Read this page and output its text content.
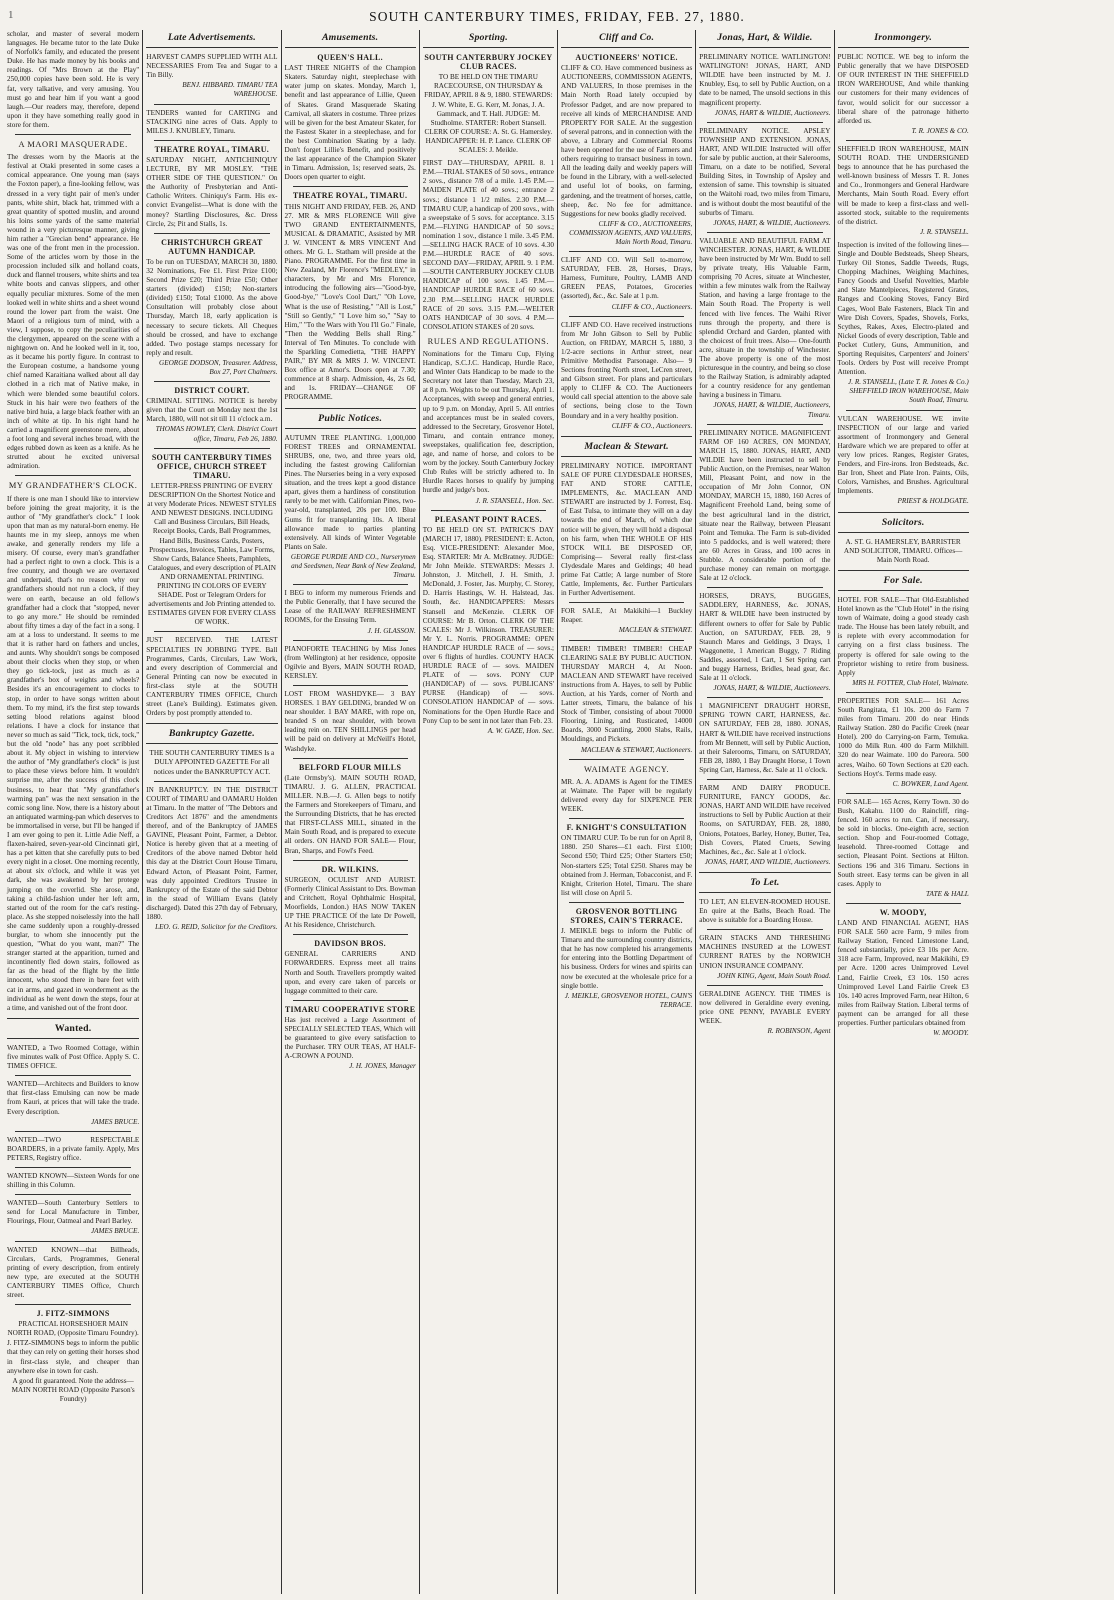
SOUTH CANTERBURY TIMES, FRIDAY, FEB. 27, 1880.
1

scholar, and master of several modern languages. He became tutor to the late Duke of Norfolk's family, and educated the present Duke. He has made money by his books and readings. Of "Mrs Brown at the Play" 250,000 copies have been sold. He is very fat, very talkative, and very amusing. You must go and hear him if you want a good laugh.—Our readers may, therefore, depend upon it they have something really good in store for them.

A MAORI MASQUERADE.

The dresses worn by the Maoris at the festival at Otaki presented in some cases a comical appearance. One young man (says the Foxton paper), a fine-looking fellow, was dressed in a very tight pair of men's under pants, white shirt, black hat, trimmed with a great quantity of spotted muslin, and around his loins some yards of the same material wound in a very picturesque manner, giving him rather a "Grecian bend" appearance. He was one of the front men in the procession. Some of the articles worn by those in the procession included silk and holland coats, duck and flannel trousers, white shirts and tea white boots and canvas slippers, and other equally peculiar mixtures. Some of the men looked well in white shirts and a sheet wound round the lower part from the waist. One Maori of a religious turn of mind, with a view, I suppose, to copy the peculiarities of the clergymen, appeared on the scene with a nightgown on. And he looked well in it, too, as it became his portly figure. In contrast to the European costume, a handsome young chief named Karaitiana walked about all day clothed in a rich mat of Native make, in which were blended some beautiful colors. Stuck in his hair were two feathers of the native bird huia, a large black feather with an inch of white at tip. In his right hand he carried a magnificent greenstone mere, about a foot long and several inches broad, with the edges rubbed down as keen as a knife. As he strutted about he excited universal admiration.

MY GRANDFATHER'S CLOCK.

If there is one man I should like to interview before joining the great majority, it is the author of "My grandfather's clock." I look upon that man as my natural-born enemy. He haunts me in my sleep, annoys me when awake, and generally renders my life a misery. Of course, every man's grandfather had a perfect right to own a clock. This is a free country, and though we are overtaxed and underpaid, that's no reason why our grandfathers should not run a clock, if they were on earth, because an old fellow's grandfather had a clock that "stopped, never to go any more." He should be reminded about fifty times a day of the fact in a song. I am at a loss to understand. It seems to me that it is rather hard on fathers and uncles, and aunts. Why shouldn't songs be composed about their clocks when they stop, or when they go tick-tock, just as much as a grandfather's box of weights and wheels? Besides it's an encouragement to clocks to stop, in order to have songs written about them. To my mind, it's the first step towards setting blood relations against blood relations. I have a clock for instance that never so much as said "Tick, tock, tick, tock," but the old "node" has any poet scribbled about it. My object in wishing to interview the author of "My grandfather's clock" is just to place these views before him. It wouldn't surprise me, after the success of this clock business, to hear that "My grandfather's warming pan" was the next sensation in the comic song line. Now, there is a history about an antiquated warming-pan which deserves to be immortalised in verse, but I'll be hanged if I am ever going to pen it. Little Adie Neff, a flaxen-haired, seven-year-old Cincinnati girl, has a pet kitten that she carefully puts to bed every night in a closet. One morning recently, at about six o'clock, and while it was yet dark, she was awakened by her protege jumping on the coverlid. She arose, and, taking a child-fashion under her left arm, started out of the room for the cat's resting-place. As she stepped noiselessly into the hall she came suddenly upon a roughly-dressed burglar, to whom she innocently put the question, "What do you want, man?" The stranger started at the apparition, turned and incontinently fled down stairs, followed as far as the head of the flight by the little innocent, who stood there in bare feet with cat in arms, and gazed in wonderment as the individual as he went down the steps, four at a time, and vanished out of the front door.

Wanted.

WANTED, a Two Roomed Cottage, within five minutes walk of Post Office. Apply S. C. TIMES OFFICE.

WANTED—Architects and Builders to know that first-class Emulsing can now be made from Kauri, at prices that will take the trade. Every description.

JAMES BRUCE.

WANTED—TWO RESPECTABLE BOARDERS, in a private family. Apply, Mrs PETERS, Registry office.

WANTED KNOWN—Sixteen Words for one shilling in this Column.

WANTED—South Canterbury Settlers to send for Local Manufacture in Timber, Flourings, Flour, Oatmeal and Pearl Barley.

JAMES BRUCE.

WANTED KNOWN—that Billheads, Circulars, Cards, Programmes, General printing of every description, from entirely new type, are executed at the SOUTH CANTERBURY TIMES Office, Church street.

J. FITZ-SIMMONS

PRACTICAL HORSESHOER MAIN NORTH ROAD, (Opposite Timaru Foundry).

J. FITZ-SIMMONS begs to inform the public that they can rely on getting their horses shod in first-class style, and cheaper than anywhere else in town for cash.

A good fit guaranteed. Note the address— MAIN NORTH ROAD (Opposite Parson's Foundry)

Late Advertisements.

HARVEST CAMPS SUPPLIED WITH ALL NECESSARIES From Tea and Sugar to a Tin Billy.

BENJ. HIBBARD. TIMARU TEA WAREHOUSE.

TENDERS wanted for CARTING and STACKING nine acres of Oats. Apply to MILES J. KNUBLEY, Timaru.

THEATRE ROYAL, TIMARU.

SATURDAY NIGHT, ANTICHINIQUY LECTURE, BY MR MOSLEY. "THE OTHER SIDE OF THE QUESTION." On the Authority of Presbyterian and Anti-Catholic Writers. Chiniquy's Farm. His ex-convict Evangelist—What is done with the money? Startling Disclosures, &c. Dress Circle, 2s; Pit and Stalls, 1s.

CHRISTCHURCH GREAT AUTUMN HANDICAP.

To be run on TUESDAY, MARCH 30, 1880. 32 Nominations, Fee £1. First Prize £100; Second Prize £20; Third Prize £50; Other starters (divided) £150; Non-starters (divided) £150; Total £1000. As the above Consultation will probably close about Thursday, March 18, early application is necessary to secure tickets. All Cheques should be crossed, and have to exchange added. Two postage stamps necessary for reply and result.

GEORGE DODSON, Treasurer. Address, Box 27, Port Chalmers.
DISTRICT COURT.

CRIMINAL SITTING. NOTICE is hereby given that the Court on Monday next the 1st March, 1880, will not sit till 11 o'clock a.m.

THOMAS HOWLEY, Clerk. District Court office, Timaru, Feb 26, 1880.
SOUTH CANTERBURY TIMES OFFICE, CHURCH STREET TIMARU.

LETTER-PRESS PRINTING OF EVERY DESCRIPTION On the Shortest Notice and at very Moderate Prices. NEWEST STYLES AND NEWEST DESIGNS. INCLUDING Call and Business Circulars, Bill Heads, Receipt Books, Cards, Ball Programmes, Hand Bills, Business Cards, Posters, Prospectuses, Invoices, Tables, Law Forms, Show Cards, Balance Sheets, Pamphlets, Catalogues, and every description of PLAIN AND ORNAMENTAL PRINTING. PRINTING IN COLORS OF EVERY SHADE. Post or Telegram Orders for advertisements and Job Printing attended to. ESTIMATES GIVEN FOR EVERY CLASS OF WORK.

JUST RECEIVED. THE LATEST SPECIALTIES IN JOBBING TYPE. Ball Programmes, Cards, Circulars, Law Work, and every description of Commercial and General Printing can now be executed in first-class style at the SOUTH CANTERBURY TIMES OFFICE, Church street (Lane's Building). Estimates given. Orders by post promptly attended to.

Bankruptcy Gazette.

THE SOUTH CANTERBURY TIMES Is a DULY APPOINTED GAZETTE For all notices under the BANKRUPTCY ACT.

IN BANKRUPTCY. IN THE DISTRICT COURT of TIMARU and OAMARU Holden at Timaru. In the matter of "The Debtors and Creditors Act 1876" and the amendments thereof, and of the Bankruptcy of JAMES GAVINE, Pleasant Point, Farmer, a Debtor. Notice is hereby given that at a meeting of Creditors of the above named Debtor held this day at the District Court House Timaru, Edward Acton, of Pleasant Point, Farmer, was duly appointed Creditors Trustee in Bankruptcy of the Estate of the said Debtor in the stead of William Evans (lately discharged). Dated this 27th day of February, 1880.

LEO. G. REID, Solicitor for the Creditors.
Amusements.
QUEEN'S HALL.

LAST THREE NIGHTS of the Champion Skaters. Saturday night, steeplechase with water jump on skates. Monday, March 1, benefit and last appearance of Lillie, Queen of Skates. Grand Masquerade Skating Carnival, all skaters in costume. Three prizes will be given for the best Amateur Skater, for the Fastest Skater in a steeplechase, and for the best Combination Skating by a lady. Don't forget Lillie's Benefit, and positively the last appearance of the Champion Skater in Timaru. Admission, 1s; reserved seats, 2s. Doors open quarter to eight.

THEATRE ROYAL, TIMARU.

THIS NIGHT AND FRIDAY, FEB. 26, AND 27. MR & MRS FLORENCE Will give TWO GRAND ENTERTAINMENTS, MUSICAL & DRAMATIC, Assisted by MR J. W. VINCENT & MRS VINCENT And others. Mr G. L. Statham will preside at the Piano. PROGRAMME. For the first time in New Zealand, Mr Florence's "MEDLEY," in characters, by Mr and Mrs Florence, introducing the following airs—"Good-bye, Good-bye," "Love's Cool Dart," "Oh Love, What is the use of Resisting," "All is Lost," "Still so Gently," "I Love him so," "Say to Him," "To the Wars with You I'll Go." Finale, "Then the Wedding Bells shall Ring." Interval of Ten Minutes. To conclude with the Sparkling Comedietta, "THE HAPPY PAIR," BY MR & MRS J. W. VINCENT. Box office at Amor's. Doors open at 7.30; commence at 8 sharp. Admission, 4s, 2s 6d, and 1s. FRIDAY—CHANGE OF PROGRAMME.

Public Notices.

AUTUMN TREE PLANTING. 1,000,000 FOREST TREES and ORNAMENTAL SHRUBS, one, two, and three years old, including the fastest growing Californian Pines. The Nurseries being in a very exposed situation, and the trees kept a good distance apart, gives them a hardiness of constitution rarely to be met with. Californian Pines, two-year-old, transplanted, 20s per 100. Blue Gums fit for transplanting 10s. A liberal allowance made to parties planting extensively. All kinds of Winter Vegetable Plants on Sale.

GEORGE PURDIE AND CO., Nurserymen and Seedsmen, Near Bank of New Zealand, Timaru.

I BEG to inform my numerous Friends and the Public Generally, that I have secured the Lease of the RAILWAY REFRESHMENT ROOMS, for the Ensuing Term.

J. H. GLASSON.

PIANOFORTE TEACHING by Miss Jones (from Wellington) at her residence, opposite Ogilvie and Byers, MAIN SOUTH ROAD, KERSLEY.

LOST FROM WASHDYKE— 3 BAY HORSES. 1 BAY GELDING, branded W on near shoulder. 1 BAY MARE, with rope on, branded S on near shoulder, with brown leading rein on. TEN SHILLINGS per head will be paid on delivery at McNeill's Hotel, Washdyke.

BELFORD FLOUR MILLS

(Late Ormsby's). MAIN SOUTH ROAD, TIMARU. J. G. ALLEN, PRACTICAL MILLER. N.B.—J. G. Allen begs to notify the Farmers and Storekeepers of Timaru, and the Surrounding Districts, that he has erected that FIRST-CLASS MILL, situated in the Main South Road, and is prepared to execute all orders. ON HAND FOR SALE— Flour, Bran, Sharps, and Fowl's Feed.

DR. WILKINS.

SURGEON, OCULIST AND AURIST. (Formerly Clinical Assistant to Drs. Bowman and Critchett, Royal Ophthalmic Hospital, Moorfields, London.) HAS NOW TAKEN UP THE PRACTICE Of the late Dr Powell, At his Residence, Christchurch.

DAVIDSON BROS.

GENERAL CARRIERS AND FORWARDERS. Express meet all trains North and South. Travellers promptly waited upon, and every care taken of parcels or luggage committed to their care.

TIMARU COOPERATIVE STORE

Has just received a Large Assortment of SPECIALLY SELECTED TEAS, Which will be guaranteed to give every satisfaction to the Purchaser. TRY OUR TEAS, AT HALF-A-CROWN A POUND.

J. H. JONES, Manager
Sporting.
SOUTH CANTERBURY JOCKEY CLUB RACES.

TO BE HELD ON THE TIMARU RACECOURSE, ON THURSDAY & FRIDAY, APRIL 8 & 9, 1880. STEWARDS: J. W. White, E. G. Kerr, M. Jonas, J. A. Gammack, and T. Hall. JUDGE: M. Studholme. STARTER: Robert Stansell. CLERK OF COURSE: A. St. G. Hamersley. HANDICAPPER: H. P. Lance. CLERK OF SCALES: J. Meikle.

FIRST DAY—THURSDAY, APRIL 8. 1 P.M.—TRIAL STAKES of 50 sovs., entrance 2 sovs., distance 7/8 of a mile. 1.45 P.M.—MAIDEN PLATE of 40 sovs.; entrance 2 sovs.; distance 1 1/2 miles. 2.30 P.M.—TIMARU CUP, a handicap of 200 sovs., with a sweepstake of 5 sovs. for acceptance. 3.15 P.M.—FLYING HANDICAP of 50 sovs.; nomination 1 sov., distance 1 mile. 3.45 P.M.—SELLING HACK RACE of 10 sovs. 4.30 P.M.—HURDLE RACE of 40 sovs. SECOND DAY—FRIDAY, APRIL 9. 1 P.M.—SOUTH CANTERBURY JOCKEY CLUB HANDICAP of 100 sovs. 1.45 P.M.—HANDICAP HURDLE RACE of 60 sovs. 2.30 P.M.—SELLING HACK HURDLE RACE of 20 sovs. 3.15 P.M.—WELTER OATS HANDICAP of 30 sovs. 4 P.M.—CONSOLATION STAKES of 20 sovs.

RULES AND REGULATIONS.

Nominations for the Timaru Cup, Flying Handicap, S.C.J.C. Handicap, Hurdle Race, and Winter Oats Handicap to be made to the Secretary not later than Tuesday, March 23, at 8 p.m. Weights to be out Thursday, April 1. Acceptances, with sweep and general entries, up to 9 p.m. on Monday, April 5. All entries and acceptances must be in sealed covers, addressed to the Secretary, Grosvenor Hotel, Timaru, and contain entrance money, sweepstakes, qualification fee, description, age, and name of horse, and colors to be worn by the jockey. South Canterbury Jockey Club Rules will be strictly adhered to. In Hurdle Races horses to qualify by jumping hurdle and judge's box.

J. R. STANSELL, Hon. Sec.
PLEASANT POINT RACES.

TO BE HELD ON ST. PATRICK'S DAY (MARCH 17, 1880). PRESIDENT: E. Acton, Esq. VICE-PRESIDENT: Alexander Moe, Esq. STARTER: Mr A. McBratney. JUDGE: Mr John Meikle. STEWARDS: Messrs J. Johnston, J. Mitchell, J. H. Smith, J. McDonald, J. Foster, Jas. Murphy, C. Storey, D. Harris Hastings, W. H. Halstead, Jas. South, &c. HANDICAPPERS: Messrs Stansell and McKenzie. CLERK OF COURSE: Mr B. Orton. CLERK OF THE SCALES: Mr J. Wilkinson. TREASURER: Mr Y. L. Norris. PROGRAMME: OPEN HANDICAP HURDLE RACE of — sovs.; over 6 flights of hurdles. COUNTY HACK HURDLE RACE of — sovs. MAIDEN PLATE of — sovs. PONY CUP (HANDICAP) of — sovs. PUBLICANS' PURSE (Handicap) of — sovs. CONSOLATION HANDICAP of — sovs. Nominations for the Open Hurdle Race and Pony Cup to be sent in not later than Feb. 23.

A. W. GAZE, Hon. Sec.
Cliff and Co.
AUCTIONEERS' NOTICE.

CLIFF & CO. Have commenced business as AUCTIONEERS, COMMISSION AGENTS, AND VALUERS, In those premises in the Main North Road lately occupied by Professor Padget, and are now prepared to receive all kinds of MERCHANDISE AND PROPERTY FOR SALE. At the suggestion of several patrons, and in connection with the above, a Library and Commercial Rooms have been opened for the use of Farmers and others requiring to transact business in town. All the leading daily and weekly papers will be found in the Library, with a well-selected and useful lot of books, on farming, gardening, and the treatment of horses, cattle, sheep, &c. No fee for admittance. Suggestions for new books gladly received.

CLIFF & CO., AUCTIONEERS, COMMISSION AGENTS, AND VALUERS, Main North Road, Timaru.

CLIFF AND CO. Will Sell to-morrow, SATURDAY, FEB. 28, Horses, Drays, Harness, Furniture, Poultry, LAMB AND GREEN PEAS, Potatoes, Groceries (assorted), &c., &c. Sale at 1 p.m.

CLIFF & CO., Auctioneers.

CLIFF AND CO. Have received instructions from Mr John Gibson to Sell by Public Auction, on FRIDAY, MARCH 5, 1880, 3 1/2-acre sections in Arthur street, near Primitive Methodist Parsonage. Also— 9 Sections fronting North street, LeCren street, and Gibson street. For plans and particulars apply to CLIFF & CO. The Auctioneers would call special attention to the above sale of sections, being close to the Town Boundary and in a very healthy position.

CLIFF & CO., Auctioneers.
Maclean & Stewart.

PRELIMINARY NOTICE. IMPORTANT SALE OF PURE CLYDESDALE HORSES, FAT AND STORE CATTLE, IMPLEMENTS, &c. MACLEAN AND STEWART are instructed by J. Forrest, Esq. of East Tulsa, to intimate they will on a day towards the end of March, of which due notice will be given, they will hold a disposal on his farm, when THE WHOLE OF HIS STOCK WILL BE DISPOSED OF, Comprising— Several really first-class Clydesdale Mares and Geldings; 40 head prime Fat Cattle; A large number of Store Cattle, Implements, &c. Further Particulars in Further Advertisement.

FOR SALE, At Makikihi—1 Buckley Reaper.

MACLEAN & STEWART.

TIMBER! TIMBER! TIMBER! CHEAP CLEARING SALE BY PUBLIC AUCTION. THURSDAY MARCH 4, At Noon. MACLEAN AND STEWART have received instructions from A. Hayes, to sell by Public Auction, at his Yards, corner of North and Latter streets, Timaru, the balance of his Stock of Timber, consisting of about 70000 Flooring, Lining, and Rusticated, 14000 Boards, 3000 Scantling, 2000 Slabs, Rails, Mouldings, and Pickets.

MACLEAN & STEWART, Auctioneers.
WAIMATE AGENCY.

MR. A. A. ADAMS is Agent for the TIMES at Waimate. The Paper will be regularly delivered every day for SIXPENCE PER WEEK.

F. KNIGHT'S CONSULTATION

ON TIMARU CUP. To be run for on April 8, 1880. 250 Shares—£1 each. First £100; Second £50; Third £25; Other Starters £50; Non-starters £25; Total £250. Shares may be obtained from J. Herman, Tobacconist, and F. Knight, Criterion Hotel, Timaru. The share list will close on April 5.

GROSVENOR BOTTLING STORES, CAIN'S TERRACE.

J. MEIKLE begs to inform the Public of Timaru and the surrounding country districts, that he has now completed his arrangements for entering into the Bottling Department of his business. Orders for wines and spirits can now be executed at the wholesale price for a single bottle.

J. MEIKLE, GROSVENOR HOTEL, CAIN'S TERRACE.
Jonas, Hart, & Wildie.

PRELIMINARY NOTICE. WATLINGTON! WATLINGTON! JONAS, HART, AND WILDIE have been instructed by M. J. Knubley, Esq, to sell by Public Auction, on a date to be named, The unsold sections in this magnificent property.

JONAS, HART & WILDIE, Auctioneers.

PRELIMINARY NOTICE. APSLEY TOWNSHIP AND EXTENSION. JONAS, HART, AND WILDIE Instructed will offer for sale by public auction, at their Salerooms, Timaru, on a date to be notified, Several Building Sites, in Township of Apsley and extension of same. This township is situated on the Waitohi road, two miles from Timaru, and is without doubt the most beautiful of the suburbs of Timaru.

JONAS, HART, & WILDIE, Auctioneers.

VALUABLE AND BEAUTIFUL FARM AT WINCHESTER. JONAS, HART, & WILDIE have been instructed by Mr Wm. Budd to sell by private treaty, His Valuable Farm, comprising 70 Acres, situate at Winchester, within a few minutes walk from the Railway Station, and having a large frontage to the Main South Road. The Property is well fenced with live fences. The Waihi River runs through the property, and there is splendid Orchard and Garden, planted with the choicest of fruit trees. Also— One-fourth acre, situate in the township of Winchester. The above property is one of the most picturesque in the country, and being so close to the Railway Station, is admirably adapted for a country residence for any gentleman having a business in Timaru.

JONAS, HART, & WILDIE, Auctioneers, Timaru.

PRELIMINARY NOTICE. MAGNIFICENT FARM OF 160 ACRES, ON MONDAY, MARCH 15, 1880. JONAS, HART, AND WILDIE have been instructed to sell by Public Auction, on the Premises, near Walton Mill, Pleasant Point, and now in the occupation of Mr John Connor, ON MONDAY, MARCH 15, 1880, 160 Acres of Magnificent Freehold Land, being some of the best agricultural land in the district, situate near the Railway, between Pleasant Point and Temuka. The Farm is sub-divided into 5 paddocks, and is well watered; there are 60 Acres in Grass, and 100 acres in Stubble. A considerable portion of the purchase money can remain on mortgage. Sale at 12 o'clock.

HORSES, DRAYS, BUGGIES, SADDLERY, HARNESS, &c. JONAS, HART & WILDIE have been instructed by different owners to offer for Sale by Public Auction, on SATURDAY, FEB. 28, 9 Staunch Mares and Geldings, 3 Drays, 1 Waggonette, 1 American Buggy, 7 Riding Saddles, assorted, 1 Cart, 1 Set Spring cart and buggy Harness, Bridles, head gear, &c. Sale at 11 o'clock.

JONAS, HART, & WILDIE, Auctioneers.

1 MAGNIFICENT DRAUGHT HORSE, SPRING TOWN CART, HARNESS, &c. ON SATURDAY, FEB 28, 1880. JONAS, HART & WILDIE have received instructions from Mr Bennett, will sell by Public Auction, at their Salerooms, Timaru, on SATURDAY, FEB 28, 1880, 1 Bay Draught Horse, 1 Town Spring Cart, Harness, &c. Sale at 11 o'clock.

FARM AND DAIRY PRODUCE. FURNITURE, FANCY GOODS, &c. JONAS, HART AND WILDIE have received instructions to Sell by Public Auction at their Rooms, on SATURDAY, FEB. 28, 1880, Onions, Potatoes, Barley, Honey, Butter, Tea, Dish Covers, Plated Cruets, Sewing Machines, &c., &c. Sale at 1 o'clock.

JONAS, HART, AND WILDIE, Auctioneers.
To Let.

TO LET, AN ELEVEN-ROOMED HOUSE. En quire at the Baths, Beach Road. The above is suitable for a Boarding House.

GRAIN STACKS AND THRESHING MACHINES INSURED at the LOWEST CURRENT RATES by the NORWICH UNION INSURANCE COMPANY.

JOHN KING, Agent, Main South Road.

GERALDINE AGENCY. THE TIMES is now delivered in Geraldine every evening, price ONE PENNY, PAYABLE EVERY WEEK.

R. ROBINSON, Agent
Ironmongery.

PUBLIC NOTICE. WE beg to inform the Public generally that we have DISPOSED OF OUR INTEREST IN THE SHEFFIELD IRON WAREHOUSE, And while thanking our customers for their many evidences of favor, would solicit for our successor a liberal share of the patronage hitherto afforded us.

T. R. JONES & CO.

SHEFFIELD IRON WAREHOUSE, MAIN SOUTH ROAD. THE UNDERSIGNED begs to announce that he has purchased the well-known business of Messrs T. R. Jones and Co., Ironmongers and General Hardware Merchants, Main South Road. Every effort will be made to keep a first-class and well-assorted stock, suitable to the requirements of the district.

J. R. STANSELL.

Inspection is invited of the following lines— Single and Double Bedsteads, Sheep Shears, Turkey Oil Stones, Saddle Tweeds, Rugs, Chopping Machines, Weighing Machines, Fancy Goods and Useful Novelties, Marble and Slate Mantelpieces, Registered Grates, Ranges and Cooking Stoves, Fancy Bird Cages, Wool Bale Fasteners, Black Tin and Wire Dish Covers, Spades, Shovels, Forks, Scythes, Rakes, Axes, Electro-plated and Nickel Goods of every description, Table and Pocket Cutlery, Guns, Ammunition, and Sporting Requisites, Carpenters' and Joiners' Tools. Orders by Post will receive Prompt Attention.

J. R. STANSELL, (Late T. R. Jones & Co.) SHEFFIELD IRON WAREHOUSE, Main South Road, Timaru.

VULCAN WAREHOUSE. WE invite INSPECTION of our large and varied assortment of Ironmongery and General Hardware which we are prepared to offer at very low prices. Ranges, Register Grates, Fenders, and Fire-irons. Iron Bedsteads, &c. Bar Iron, Sheet and Plate Iron. Paints, Oils, Colors, Varnishes, and Brushes. Agricultural Implements.

PRIEST & HOLDGATE.
Solicitors.

A. ST. G. HAMERSLEY, BARRISTER AND SOLICITOR, TIMARU. Offices—Main North Road.

For Sale.

HOTEL FOR SALE—That Old-Established Hotel known as the "Club Hotel" in the rising town of Waimate, doing a good steady cash trade. The House has been lately rebuilt, and is replete with every accommodation for carrying on a first class business. The property is offered for sale owing to the Proprietor wishing to retire from business. Apply

MRS H. FOTTER, Club Hotel, Waimate.

PROPERTIES FOR SALE— 161 Acres South Rangitata, £1 10s. 200 do Farm 7 miles from Timaru. 200 do near Hinds Railway Station. 280 do Pacific Creek (near Hotel). 200 do Carrying-on Farm, Temuka. 1000 do Milk Run. 400 do Farm Milkhill. 320 do near Waimate. 100 do Pareora. 500 acres, Waiho. 60 Town Sections at £20 each. Sections Hoyt's. Terms made easy.

C. BOWKER, Land Agent.

FOR SALE— 165 Acres, Kerry Town. 30 do Bush, Kakahu. 1100 do Raincliff, ring-fenced. 160 acres to run. Can, if necessary, be sold in blocks. One-eighth acre, section section. Shop and Four-roomed Cottage, leasehold. Three-roomed Cottage and section, Pleasant Point. Sections at Hilton. Sections 196 and 316 Timaru. Sections in South street. Easy terms can be given in all cases. Apply to

TATE & HALL
W. MOODY,

LAND AND FINANCIAL AGENT, HAS FOR SALE 560 acre Farm, 9 miles from Railway Station, Fenced Limestone Land, fenced substantially, price £3 10s per Acre. 318 acre Farm, Improved, near Makikihi, £9 per Acre. 1200 acres Unimproved Level Land, Fairlie Creek, £3 10s. 150 acres Unimproved Level Land Fairlie Creek £3 10s. 140 acres Improved Farm, near Hilton, 6 miles from Railway Station. Liberal terms of payment can be arranged for all these properties. Further particulars obtained from

W. MOODY.
